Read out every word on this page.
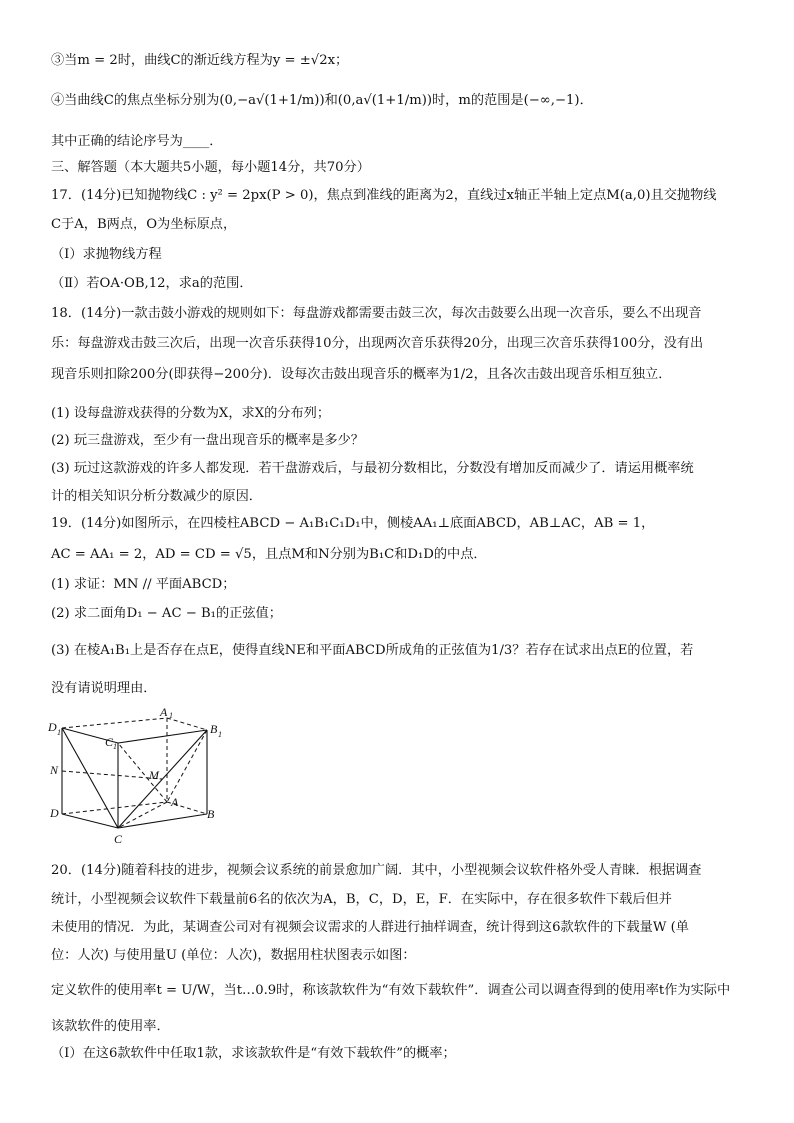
③当m = 2时，曲线C的渐近线方程为y = ±√2x；
④当曲线C的焦点坐标分别为(0,−a√(1+1/m))和(0,a√(1+1/m))时，m的范围是(−∞,−1)．
其中正确的结论序号为____．
三、解答题（本大题共5小题，每小题14分，共70分）
17．(14分)已知抛物线C : y² = 2px(P > 0)，焦点到准线的距离为2，直线过x轴正半轴上定点M(a,0)且交抛物线
C于A，B两点，O为坐标原点，
（Ⅰ）求抛物线方程
（Ⅱ）若OA·OB,12，求a的范围．
18．(14分)一款击鼓小游戏的规则如下：每盘游戏都需要击鼓三次，每次击鼓要么出现一次音乐，要么不出现音
乐：每盘游戏击鼓三次后，出现一次音乐获得10分，出现两次音乐获得20分，出现三次音乐获得100分，没有出
现音乐则扣除200分(即获得−200分)．设每次击鼓出现音乐的概率为1/2，且各次击鼓出现音乐相互独立．
(1) 设每盘游戏获得的分数为X，求X的分布列；
(2) 玩三盘游戏，至少有一盘出现音乐的概率是多少？
(3) 玩过这款游戏的许多人都发现．若干盘游戏后，与最初分数相比，分数没有增加反而减少了．请运用概率统
计的相关知识分析分数减少的原因．
19．(14分)如图所示，在四棱柱ABCD − A₁B₁C₁D₁中，侧棱AA₁⊥底面ABCD，AB⊥AC，AB = 1，
AC = AA₁ = 2，AD = CD = √5，且点M和N分别为B₁C和D₁D的中点．
(1) 求证：MN // 平面ABCD；
(2) 求二面角D₁ − AC − B₁的正弦值；
(3) 在棱A₁B₁上是否存在点E，使得直线NE和平面ABCD所成角的正弦值为1/3？若存在试求出点E的位置，若
没有请说明理由．
D 1
A 1
B 1
C 1
N	M
A
D	B
C
20．(14分)随着科技的进步，视频会议系统的前景愈加广阔．其中，小型视频会议软件格外受人青睐．根据调查
统计，小型视频会议软件下载量前6名的依次为A，B，C，D，E，F．在实际中，存在很多软件下载后但并
未使用的情况．为此，某调查公司对有视频会议需求的人群进行抽样调查，统计得到这6款软件的下载量W (单
位：人次) 与使用量U (单位：人次)，数据用柱状图表示如图：
定义软件的使用率t = U/W，当t…0.9时，称该款软件为“有效下载软件”．调查公司以调查得到的使用率t作为实际中
该款软件的使用率．
（Ⅰ）在这6款软件中任取1款，求该款软件是“有效下载软件”的概率；
